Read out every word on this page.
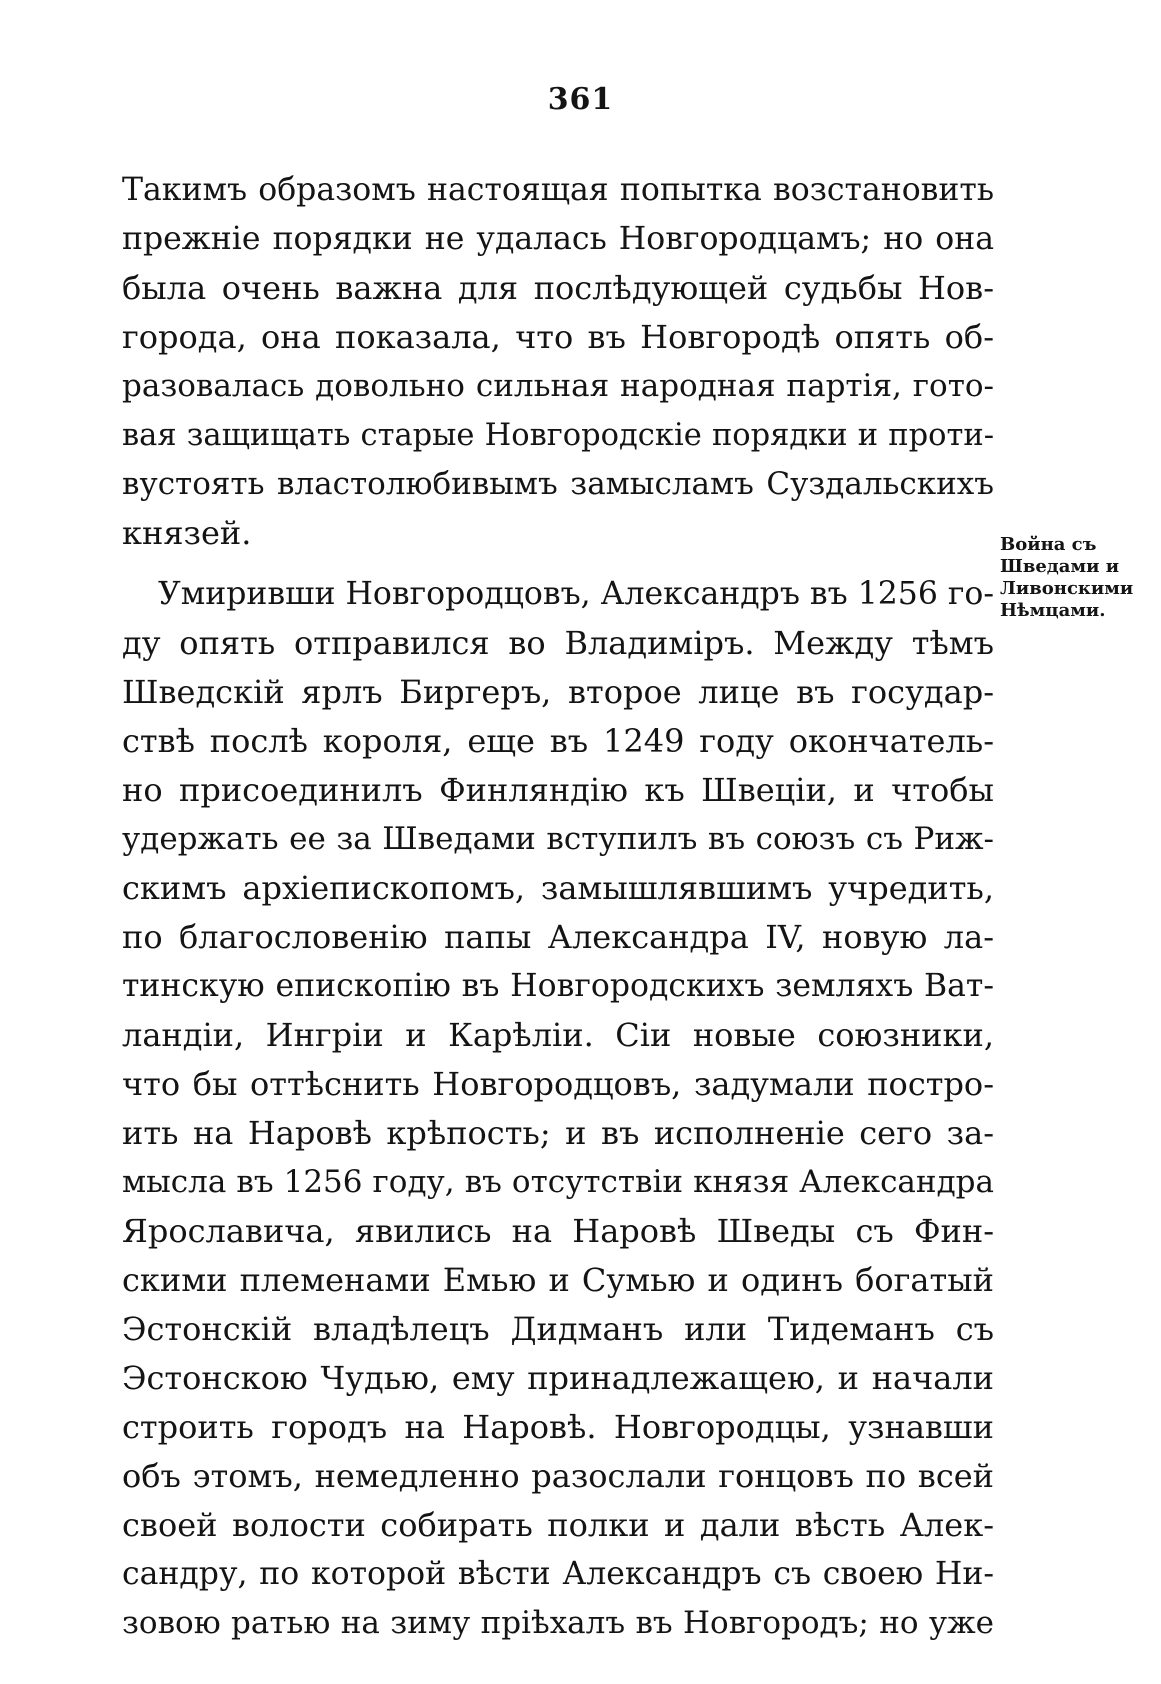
361
Такимъ образомъ настоящая попытка возстановить
прежніе порядки не удалась Новгородцамъ; но она
была очень важна для послѣдующей судьбы Нов-
города, она показала, что въ Новгородѣ опять об-
разовалась довольно сильная народная партія, гото-
вая защищать старые Новгородскіе порядки и проти-
вустоять властолюбивымъ замысламъ Суздальскихъ
князей.
Умиривши Новгородцовъ, Александръ въ 1256 го-
ду опять отправился во Владиміръ. Между тѣмъ
Шведскій ярлъ Биргеръ, второе лице въ государ-
ствѣ послѣ короля, еще въ 1249 году окончатель-
но присоединилъ Финляндію къ Швеціи, и чтобы
удержать ее за Шведами вступилъ въ союзъ съ Риж-
скимъ архіепископомъ, замышлявшимъ учредить,
по благословенію папы Александра IV, новую ла-
тинскую епископію въ Новгородскихъ земляхъ Ват-
ландіи, Ингріи и Карѣліи. Сіи новые союзники,
что бы оттѣснить Новгородцовъ, задумали постро-
ить на Наровѣ крѣпость; и въ исполненіе сего за-
мысла въ 1256 году, въ отсутствіи князя Александра
Ярославича, явились на Наровѣ Шведы съ Фин-
скими племенами Емью и Сумью и одинъ богатый
Эстонскій владѣлецъ Дидманъ или Тидеманъ съ
Эстонскою Чудью, ему принадлежащею, и начали
строить городъ на Наровѣ. Новгородцы, узнавши
объ этомъ, немедленно разослали гонцовъ по всей
своей волости собирать полки и дали вѣсть Алек-
сандру, по которой вѣсти Александръ съ своею Ни-
зовою ратью на зиму пріѣхалъ въ Новгородъ; но уже
Война съ
Шведами и
Ливонскими
Нѣмцами.
